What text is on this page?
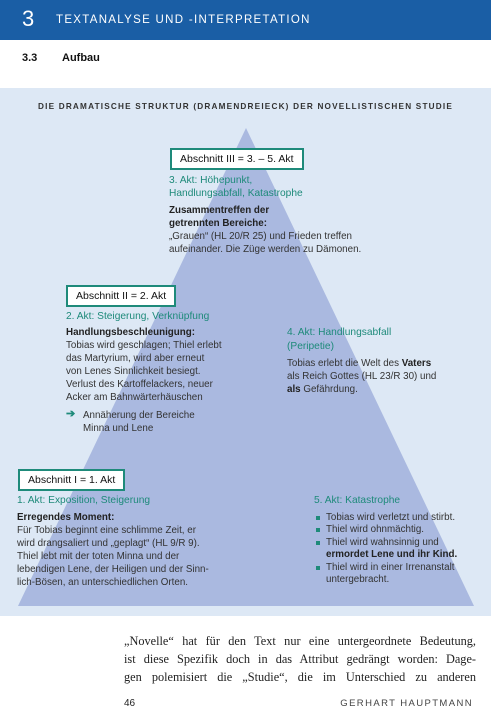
3 TEXTANALYSE UND -INTERPRETATION
3.3 Aufbau
DIE DRAMATISCHE STRUKTUR (DRAMENDREIECK) DER NOVELLISTISCHEN STUDIE
Abschnitt III = 3. – 5. Akt
3. Akt: Höhepunkt,
Handlungsabfall, Katastrophe
Zusammentreffen der
getrennten Bereiche:
„Grauen“ (HL 20/R 25) und Frieden treffen
aufeinander. Die Züge werden zu Dämonen.
Abschnitt II = 2. Akt
2. Akt: Steigerung, Verknüpfung
Handlungsbeschleunigung:
Tobias wird geschlagen; Thiel erlebt
das Martyrium, wird aber erneut
von Lenes Sinnlichkeit besiegt.
Verlust des Kartoffelackers, neuer
Acker am Bahnwärterhäuschen
➔ Annäherung der Bereiche
Minna und Lene
4. Akt: Handlungsabfall
(Peripetie)
Tobias erlebt die Welt des Vaters
als Reich Gottes (HL 23/R 30) und
als Gefährdung.
Abschnitt I = 1. Akt
1. Akt: Exposition, Steigerung
Erregendes Moment:
Für Tobias beginnt eine schlimme Zeit, er
wird drangsaliert und „geplagt“ (HL 9/R 9).
Thiel lebt mit der toten Minna und der
lebendigen Lene, der Heiligen und der Sinn-
lich-Bösen, an unterschiedlichen Orten.
5. Akt: Katastrophe
Tobias wird verletzt und stirbt.
Thiel wird ohnmächtig.
Thiel wird wahnsinnig und
ermordet Lene und ihr Kind.
Thiel wird in einer Irrenanstalt
untergebracht.
„Novelle“ hat für den Text nur eine untergeordnete Bedeutung,
ist diese Spezifik doch in das Attribut gedrängt worden: Dage-
gen polemisiert die „Studie“, die im Unterschied zu anderen
46	GERHART HAUPTMANN
